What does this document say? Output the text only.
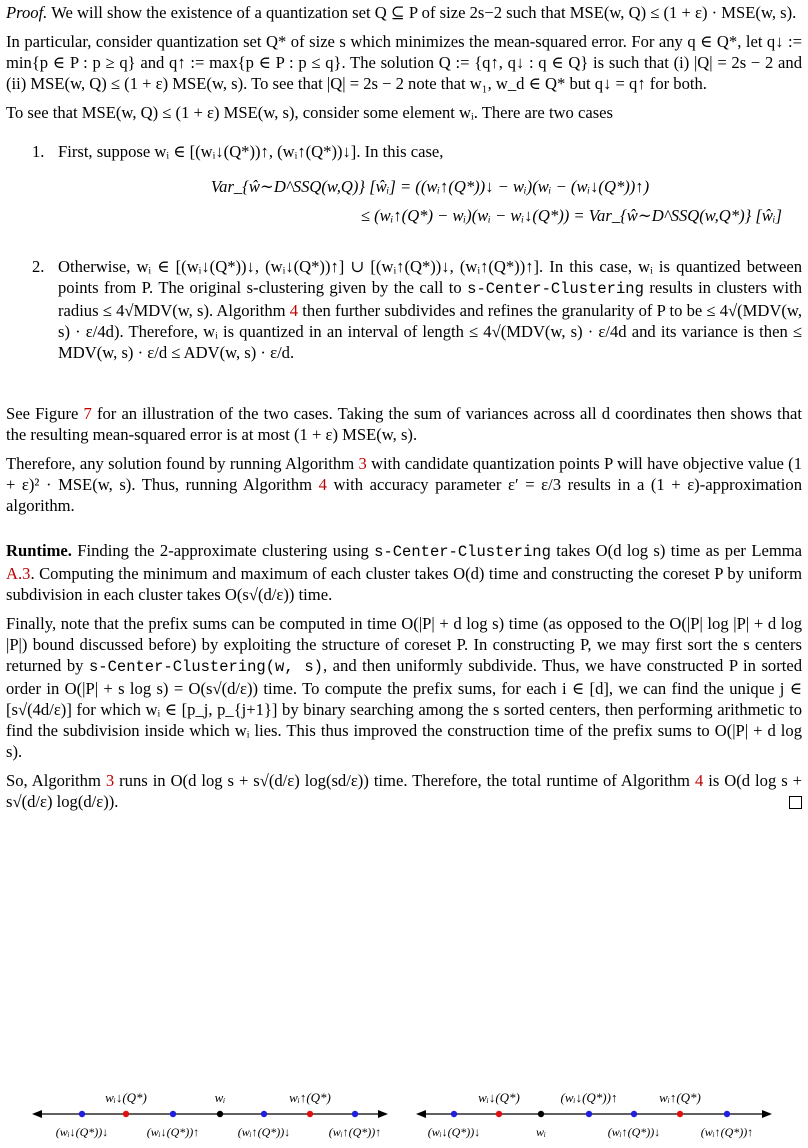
Proof. We will show the existence of a quantization set Q ⊆ P of size 2s−2 such that MSE(w, Q) ≤ (1 + ε) · MSE(w, s).

In particular, consider quantization set Q* of size s which minimizes the mean-squared error. For any q ∈ Q*, let q↓ := min{p ∈ P : p ≥ q} and q↑ := max{p ∈ P : p ≤ q}. The solution Q := {q↑, q↓ : q ∈ Q} is such that (i) |Q| = 2s − 2 and (ii) MSE(w, Q) ≤ (1 + ε) MSE(w, s). To see that |Q| = 2s − 2 note that w₁, w_d ∈ Q* but q↓ = q↑ for both.

To see that MSE(w, Q) ≤ (1 + ε) MSE(w, s), consider some element wᵢ. There are two cases

1. First, suppose wᵢ ∈ [(wᵢ↓(Q*))↑, (wᵢ↑(Q*))↓]. In this case,
Var_{ŵ∼D^SSQ(w,Q)} [ŵᵢ] = ((wᵢ↑(Q*))↓ − wᵢ)(wᵢ − (wᵢ↓(Q*))↑)
≤ (wᵢ↑(Q*) − wᵢ)(wᵢ − wᵢ↓(Q*)) = Var_{ŵ∼D^SSQ(w,Q*)} [ŵᵢ]
2. Otherwise, wᵢ ∈ [(wᵢ↓(Q*))↓, (wᵢ↓(Q*))↑] ∪ [(wᵢ↑(Q*))↓, (wᵢ↑(Q*))↑]. In this case, wᵢ is quantized between points from P. The original s-clustering given by the call to s-Center-Clustering results in clusters with radius ≤ 4√MDV(w, s). Algorithm 4 then further subdivides and refines the granularity of P to be ≤ 4√(MDV(w, s) · ε/4d). Therefore, wᵢ is quantized in an interval of length ≤ 4√(MDV(w, s) · ε/4d and its variance is then ≤ MDV(w, s) · ε/d ≤ ADV(w, s) · ε/d.

See Figure 7 for an illustration of the two cases. Taking the sum of variances across all d coordinates then shows that the resulting mean-squared error is at most (1 + ε) MSE(w, s).

Therefore, any solution found by running Algorithm 3 with candidate quantization points P will have objective value (1 + ε)² · MSE(w, s). Thus, running Algorithm 4 with accuracy parameter ε′ = ε/3 results in a (1 + ε)-approximation algorithm.

Runtime. Finding the 2-approximate clustering using s-Center-Clustering takes O(d log s) time as per Lemma A.3. Computing the minimum and maximum of each cluster takes O(d) time and constructing the coreset P by uniform subdivision in each cluster takes O(s√(d/ε)) time.

Finally, note that the prefix sums can be computed in time O(|P| + d log s) time (as opposed to the O(|P| log |P| + d log |P|) bound discussed before) by exploiting the structure of coreset P. In constructing P, we may first sort the s centers returned by s-Center-Clustering(w, s), and then uniformly subdivide. Thus, we have constructed P in sorted order in O(|P| + s log s) = O(s√(d/ε)) time. To compute the prefix sums, for each i ∈ [d], we can find the unique j ∈ [s√(4d/ε)] for which wᵢ ∈ [p_j, p_{j+1}] by binary searching among the s sorted centers, then performing arithmetic to find the subdivision inside which wᵢ lies. This thus improved the construction time of the prefix sums to O(|P| + d log s).

So, Algorithm 3 runs in O(d log s + s√(d/ε) log(sd/ε)) time. Therefore, the total runtime of Algorithm 4 is O(d log s + s√(d/ε) log(d/ε)).

wᵢ↓(Q*)	wᵢ	wᵢ↑(Q*)
(wᵢ↓(Q*))↓	(wᵢ↓(Q*))↑	(wᵢ↑(Q*))↓	(wᵢ↑(Q*))↑
wᵢ↓(Q*)	(wᵢ↓(Q*))↑	wᵢ↑(Q*)
(wᵢ↓(Q*))↓	wᵢ	(wᵢ↑(Q*))↓	(wᵢ↑(Q*))↑
